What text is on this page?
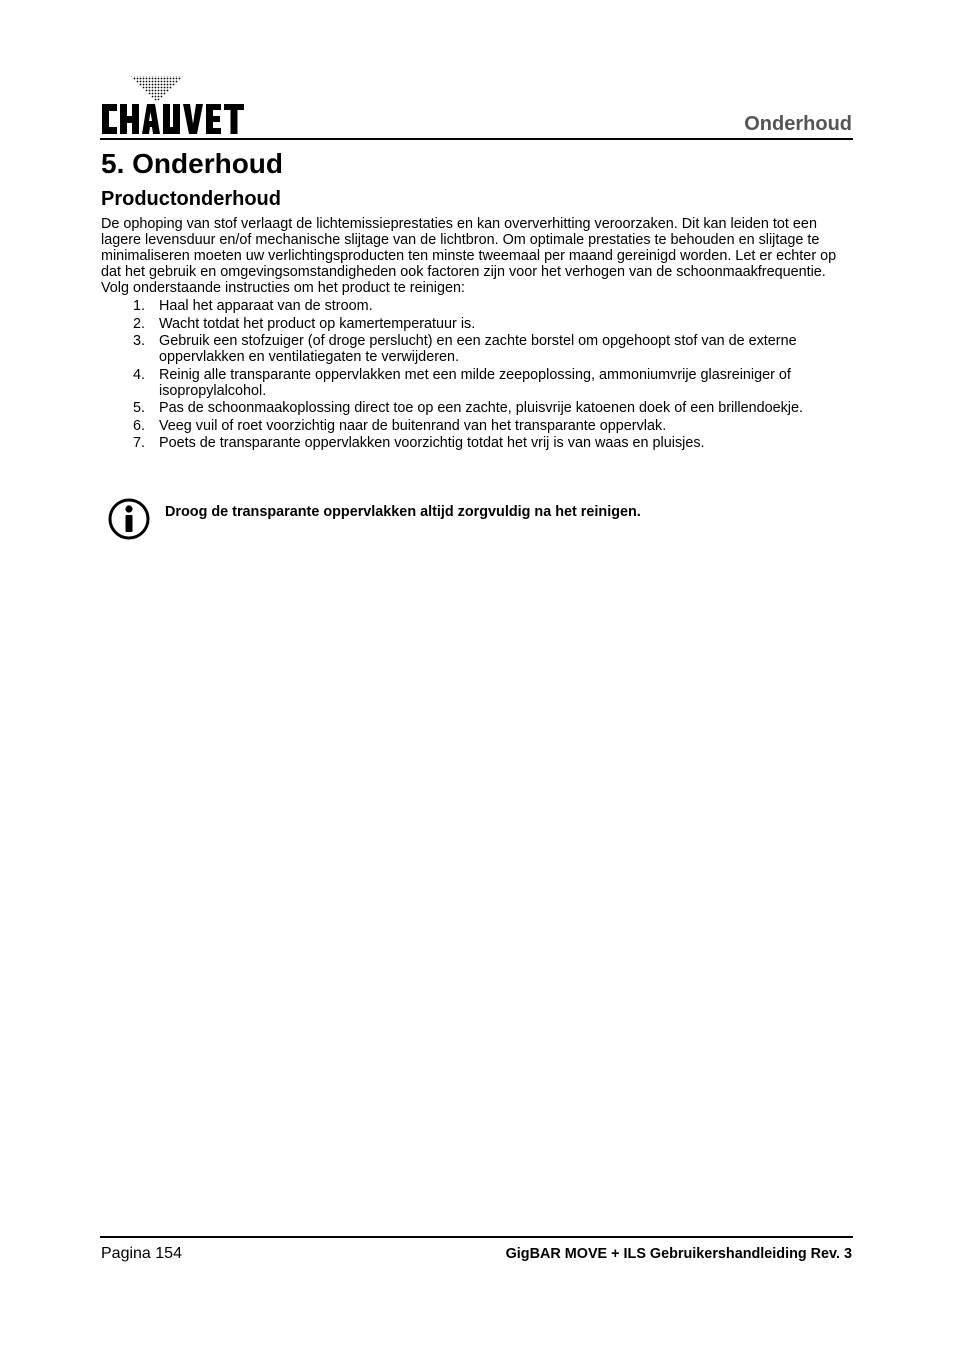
Onderhoud
5. Onderhoud
Productonderhoud

De ophoping van stof verlaagt de lichtemissieprestaties en kan oververhitting veroorzaken. Dit kan leiden tot een lagere levensduur en/of mechanische slijtage van de lichtbron. Om optimale prestaties te behouden en slijtage te minimaliseren moeten uw verlichtingsproducten ten minste tweemaal per maand gereinigd worden. Let er echter op dat het gebruik en omgevingsomstandigheden ook factoren zijn voor het verhogen van de schoonmaakfrequentie.

Volg onderstaande instructies om het product te reinigen:

1. Haal het apparaat van de stroom.
2. Wacht totdat het product op kamertemperatuur is.
3. Gebruik een stofzuiger (of droge perslucht) en een zachte borstel om opgehoopt stof van de externe oppervlakken en ventilatiegaten te verwijderen.
4. Reinig alle transparante oppervlakken met een milde zeepoplossing, ammoniumvrije glasreiniger of isopropylalcohol.
5. Pas de schoonmaakoplossing direct toe op een zachte, pluisvrije katoenen doek of een brillendoekje.
6. Veeg vuil of roet voorzichtig naar de buitenrand van het transparante oppervlak.
7. Poets de transparante oppervlakken voorzichtig totdat het vrij is van waas en pluisjes.
Droog de transparante oppervlakken altijd zorgvuldig na het reinigen.
Pagina 154	GigBAR MOVE + ILS Gebruikershandleiding Rev. 3
